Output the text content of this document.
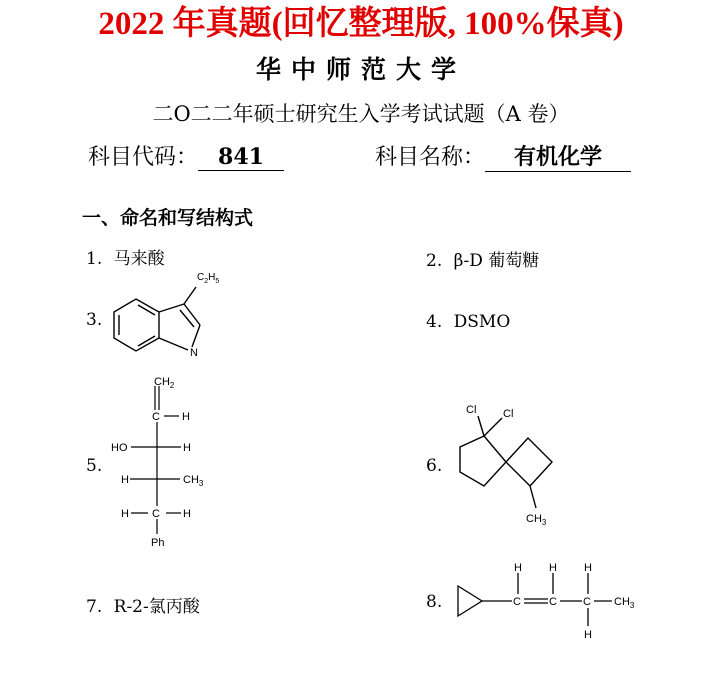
2022 年真题(回忆整理版, 100%保真)
华中师范大学
二O二二年硕士研究生入学考试试题（A 卷）
科目代码： 841	科目名称： 有机化学
一、命名和写结构式
1. 马来酸	2. β-D 葡萄糖
3.	4. DSMO
5.	6.
7. R-2-氯丙酸	8.
$C_2H_5$
N
$CH_2$
C H
HO	H
H	$CH_3$
H C H
Ph
Cl Cl
$CH_3$
C	C C
H H H
H
$CH_3$
